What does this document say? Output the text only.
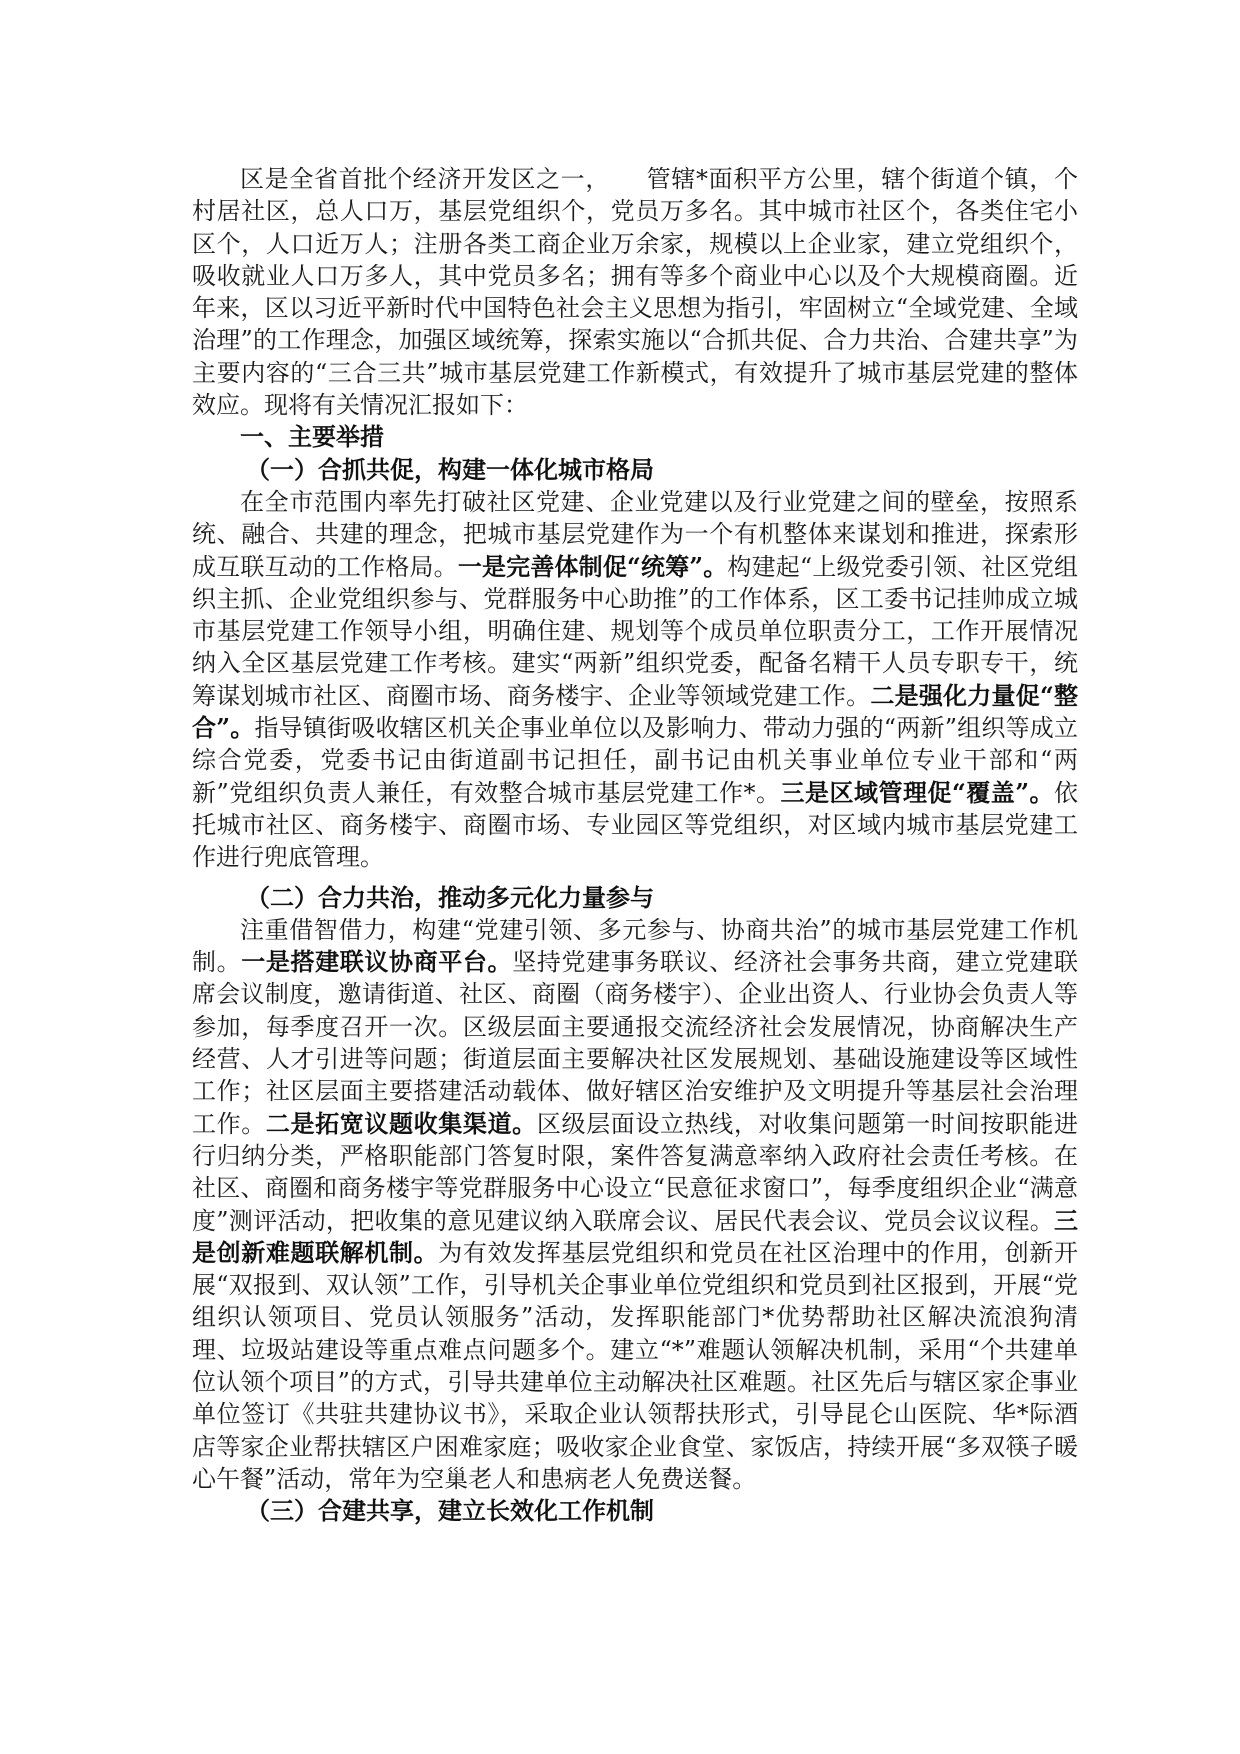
区是全省首批个经济开发区之一， 管辖*面积平方公里，辖个街道个镇，个村居社区，总人口万，基层党组织个，党员万多名。其中城市社区个，各类住宅小区个，人口近万人；注册各类工商企业万余家，规模以上企业家，建立党组织个，吸收就业人口万多人，其中党员多名；拥有等多个商业中心以及个大规模商圈。近年来，区以习近平新时代中国特色社会主义思想为指引，牢固树立“全域党建、全域治理”的工作理念，加强区域统筹，探索实施以“合抓共促、合力共治、合建共享”为主要内容的“三合三共”城市基层党建工作新模式，有效提升了城市基层党建的整体效应。现将有关情况汇报如下：

一、主要举措
（一）合抓共促，构建一体化城市格局

在全市范围内率先打破社区党建、企业党建以及行业党建之间的壁垒，按照系统、融合、共建的理念，把城市基层党建作为一个有机整体来谋划和推进，探索形成互联互动的工作格局。一是完善体制促“统筹”。构建起“上级党委引领、社区党组织主抓、企业党组织参与、党群服务中心助推”的工作体系，区工委书记挂帅成立城市基层党建工作领导小组，明确住建、规划等个成员单位职责分工，工作开展情况纳入全区基层党建工作考核。建实“两新”组织党委，配备名精干人员专职专干，统筹谋划城市社区、商圈市场、商务楼宇、企业等领域党建工作。二是强化力量促“整合”。指导镇街吸收辖区机关企事业单位以及影响力、带动力强的“两新”组织等成立综合党委，党委书记由街道副书记担任，副书记由机关事业单位专业干部和“两新”党组织负责人兼任，有效整合城市基层党建工作*。三是区域管理促“覆盖”。依托城市社区、商务楼宇、商圈市场、专业园区等党组织，对区域内城市基层党建工作进行兜底管理。

（二）合力共治，推动多元化力量参与

注重借智借力，构建“党建引领、多元参与、协商共治”的城市基层党建工作机制。一是搭建联议协商平台。坚持党建事务联议、经济社会事务共商，建立党建联席会议制度，邀请街道、社区、商圈（商务楼宇）、企业出资人、行业协会负责人等参加，每季度召开一次。区级层面主要通报交流经济社会发展情况，协商解决生产经营、人才引进等问题；街道层面主要解决社区发展规划、基础设施建设等区域性工作；社区层面主要搭建活动载体、做好辖区治安维护及文明提升等基层社会治理工作。二是拓宽议题收集渠道。区级层面设立热线，对收集问题第一时间按职能进行归纳分类，严格职能部门答复时限，案件答复满意率纳入政府社会责任考核。在社区、商圈和商务楼宇等党群服务中心设立“民意征求窗口”，每季度组织企业“满意度”测评活动，把收集的意见建议纳入联席会议、居民代表会议、党员会议议程。三是创新难题联解机制。为有效发挥基层党组织和党员在社区治理中的作用，创新开展“双报到、双认领”工作，引导机关企事业单位党组织和党员到社区报到，开展“党组织认领项目、党员认领服务”活动，发挥职能部门*优势帮助社区解决流浪狗清理、垃圾站建设等重点难点问题多个。建立“*”难题认领解决机制，采用“个共建单位认领个项目”的方式，引导共建单位主动解决社区难题。社区先后与辖区家企事业单位签订《共驻共建协议书》，采取企业认领帮扶形式，引导昆仑山医院、华*际酒店等家企业帮扶辖区户困难家庭；吸收家企业食堂、家饭店，持续开展“多双筷子暖心午餐”活动，常年为空巢老人和患病老人免费送餐。

（三）合建共享，建立长效化工作机制
